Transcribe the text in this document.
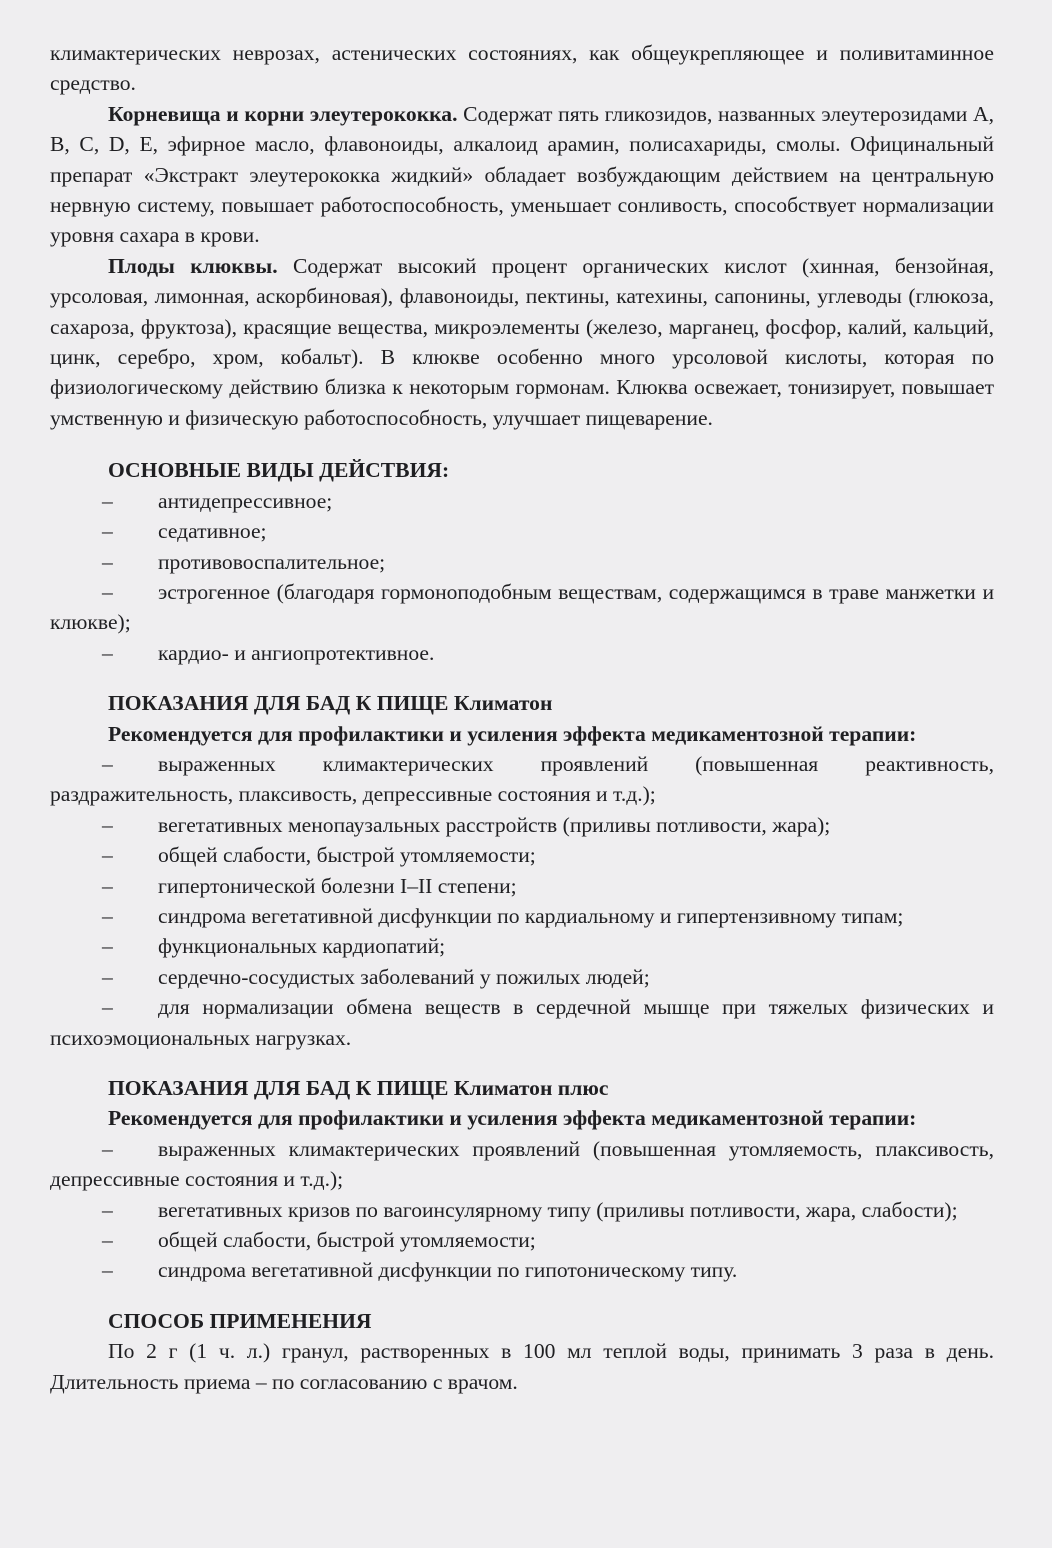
климактерических неврозах, астенических состояниях, как общеукрепляющее и поливитаминное средство.

Корневища и корни элеутерококка. Содержат пять гликозидов, названных элеутерозидами A, B, C, D, E, эфирное масло, флавоноиды, алкалоид арамин, полисахариды, смолы. Официнальный препарат «Экстракт элеутерококка жидкий» обладает возбуждающим действием на центральную нервную систему, повышает работоспособность, уменьшает сонливость, способствует нормализации уровня сахара в крови.

Плоды клюквы. Содержат высокий процент органических кислот (хинная, бензойная, урсоловая, лимонная, аскорбиновая), флавоноиды, пектины, катехины, сапонины, углеводы (глюкоза, сахароза, фруктоза), красящие вещества, микроэлементы (железо, марганец, фосфор, калий, кальций, цинк, серебро, хром, кобальт). В клюкве особенно много урсоловой кислоты, которая по физиологическому действию близка к некоторым гормонам. Клюква освежает, тонизирует, повышает умственную и физическую работоспособность, улучшает пищеварение.

ОСНОВНЫЕ ВИДЫ ДЕЙСТВИЯ:

– антидепрессивное;
– седативное;
– противовоспалительное;
– эстрогенное (благодаря гормоноподобным веществам, содержащимся в траве манжетки и клюкве);
– кардио- и ангиопротективное.

ПОКАЗАНИЯ ДЛЯ БАД К ПИЩЕ Климатон

Рекомендуется для профилактики и усиления эффекта медикаментозной терапии:

– выраженных климактерических проявлений (повышенная реактивность, раздражительность, плаксивость, депрессивные состояния и т.д.);
– вегетативных менопаузальных расстройств (приливы потливости, жара);
– общей слабости, быстрой утомляемости;
– гипертонической болезни I–II степени;
– синдрома вегетативной дисфункции по кардиальному и гипертензивному типам;
– функциональных кардиопатий;
– сердечно-сосудистых заболеваний у пожилых людей;
– для нормализации обмена веществ в сердечной мышце при тяжелых физических и психоэмоциональных нагрузках.

ПОКАЗАНИЯ ДЛЯ БАД К ПИЩЕ Климатон плюс

Рекомендуется для профилактики и усиления эффекта медикаментозной терапии:

– выраженных климактерических проявлений (повышенная утомляемость, плаксивость, депрессивные состояния и т.д.);
– вегетативных кризов по вагоинсулярному типу (приливы потливости, жара, слабости);
– общей слабости, быстрой утомляемости;
– синдрома вегетативной дисфункции по гипотоническому типу.

СПОСОБ ПРИМЕНЕНИЯ

По 2 г (1 ч. л.) гранул, растворенных в 100 мл теплой воды, принимать 3 раза в день. Длительность приема – по согласованию с врачом.
